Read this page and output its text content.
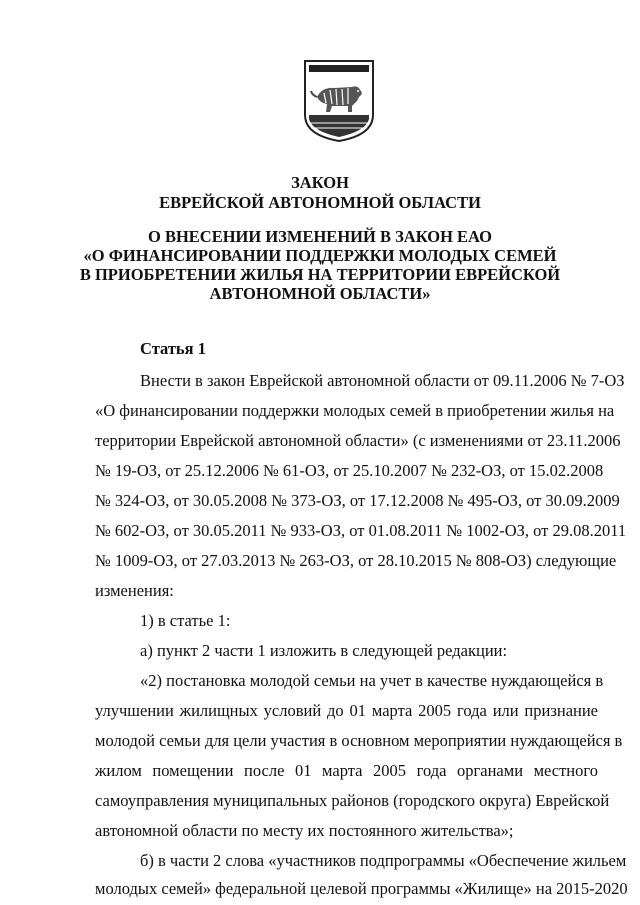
ЗАКОН
ЕВРЕЙСКОЙ АВТОНОМНОЙ ОБЛАСТИ
О ВНЕСЕНИИ ИЗМЕНЕНИЙ В ЗАКОН ЕАО
«О ФИНАНСИРОВАНИИ ПОДДЕРЖКИ МОЛОДЫХ СЕМЕЙ
В ПРИОБРЕТЕНИИ ЖИЛЬЯ НА ТЕРРИТОРИИ ЕВРЕЙСКОЙ
АВТОНОМНОЙ ОБЛАСТИ»
Статья 1
Внести в закон Еврейской автономной области от 09.11.2006 № 7-ОЗ
«О финансировании поддержки молодых семей в приобретении жилья на
территории Еврейской автономной области» (с изменениями от 23.11.2006
№ 19-ОЗ, от 25.12.2006 № 61-ОЗ, от 25.10.2007 № 232-ОЗ, от 15.02.2008
№ 324-ОЗ, от 30.05.2008 № 373-ОЗ, от 17.12.2008 № 495-ОЗ, от 30.09.2009
№ 602-ОЗ, от 30.05.2011 № 933-ОЗ, от 01.08.2011 № 1002-ОЗ, от 29.08.2011
№ 1009-ОЗ, от 27.03.2013 № 263-ОЗ, от 28.10.2015 № 808-ОЗ) следующие
изменения:
1) в статье 1:
а) пункт 2 части 1 изложить в следующей редакции:
«2) постановка молодой семьи на учет в качестве нуждающейся в
улучшении жилищных условий до 01 марта 2005 года или признание
молодой семьи для цели участия в основном мероприятии нуждающейся в
жилом помещении после 01 марта 2005 года органами местного
самоуправления муниципальных районов (городского округа) Еврейской
автономной области по месту их постоянного жительства»;
б) в части 2 слова «участников подпрограммы «Обеспечение жильем
молодых семей» федеральной целевой программы «Жилище» на 2015-2020
